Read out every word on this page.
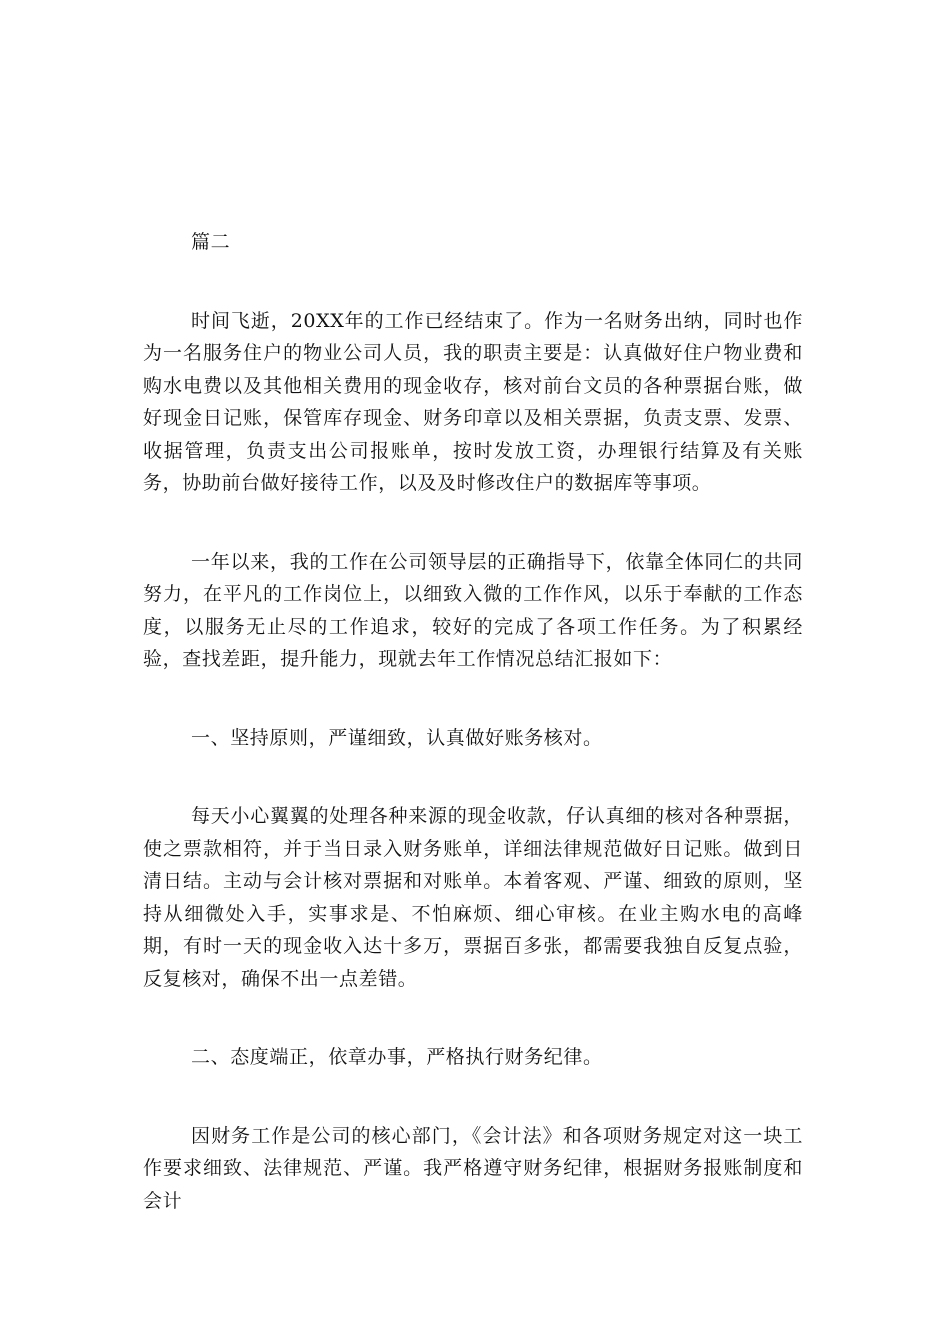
篇二

时间飞逝，20XX年的工作已经结束了。作为一名财务出纳，同时也作为一名服务住户的物业公司人员，我的职责主要是：认真做好住户物业费和购水电费以及其他相关费用的现金收存，核对前台文员的各种票据台账，做好现金日记账，保管库存现金、财务印章以及相关票据，负责支票、发票、收据管理，负责支出公司报账单，按时发放工资，办理银行结算及有关账务，协助前台做好接待工作，以及及时修改住户的数据库等事项。

一年以来，我的工作在公司领导层的正确指导下，依靠全体同仁的共同努力，在平凡的工作岗位上，以细致入微的工作作风，以乐于奉献的工作态度，以服务无止尽的工作追求，较好的完成了各项工作任务。为了积累经验，查找差距，提升能力，现就去年工作情况总结汇报如下：

一、坚持原则，严谨细致，认真做好账务核对。

每天小心翼翼的处理各种来源的现金收款，仔认真细的核对各种票据，使之票款相符，并于当日录入财务账单，详细法律规范做好日记账。做到日清日结。主动与会计核对票据和对账单。本着客观、严谨、细致的原则，坚持从细微处入手，实事求是、不怕麻烦、细心审核。在业主购水电的高峰期，有时一天的现金收入达十多万，票据百多张，都需要我独自反复点验，反复核对，确保不出一点差错。

二、态度端正，依章办事，严格执行财务纪律。

因财务工作是公司的核心部门，《会计法》和各项财务规定对这一块工作要求细致、法律规范、严谨。我严格遵守财务纪律，根据财务报账制度和会计
